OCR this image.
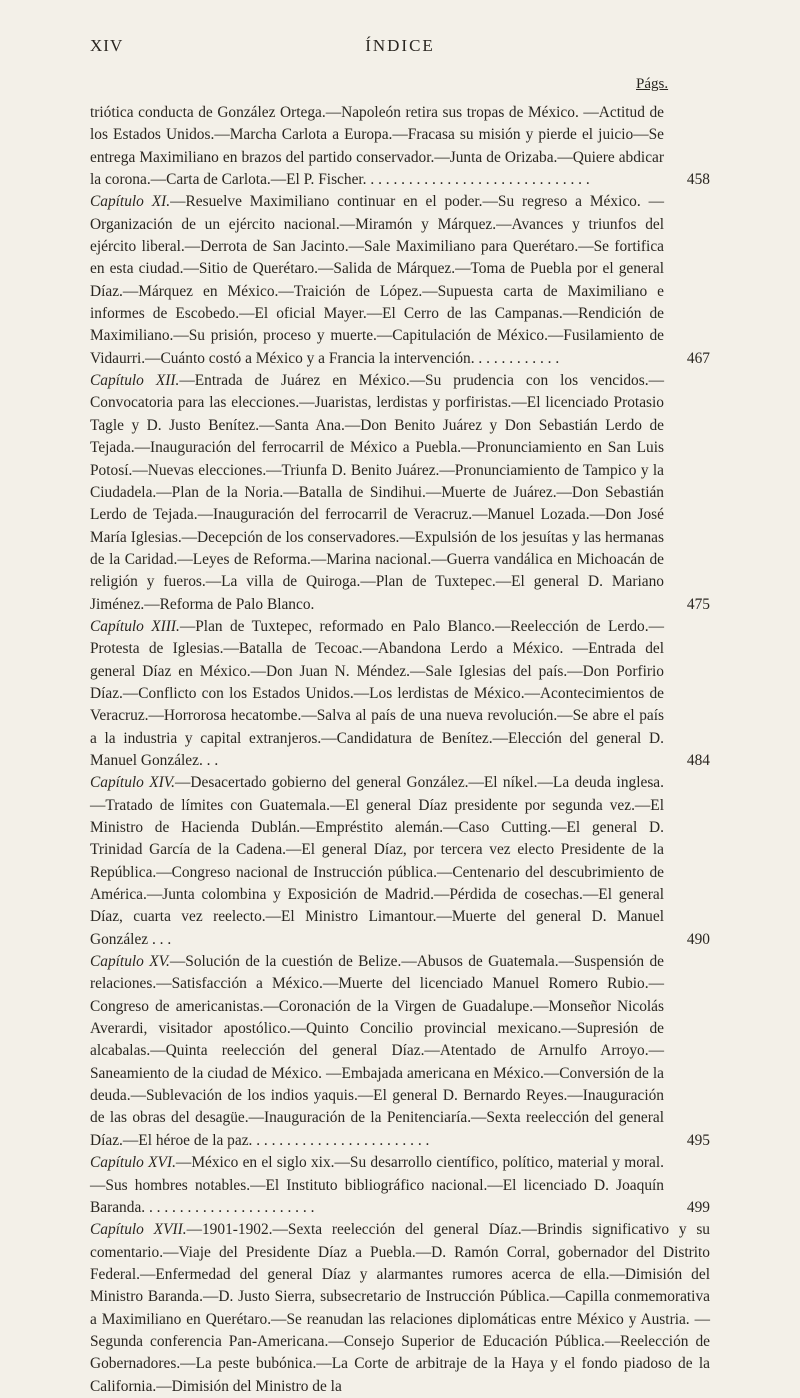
XIV	ÍNDICE
Págs.
triótica conducta de González Ortega.—Napoleón retira sus tropas de México. —Actitud de los Estados Unidos.—Marcha Carlota a Europa.—Fracasa su misión y pierde el juicio—Se entrega Maximiliano en brazos del partido conservador.—Junta de Orizaba.—Quiere abdicar la corona.—Carta de Carlota.—El P. Fischer. . . . . . . . . . . . . . . . . . . . . . . . . . . . . .	458
Capítulo XI.—Resuelve Maximiliano continuar en el poder.—Su regreso a México. —Organización de un ejército nacional.—Miramón y Márquez.—Avances y triunfos del ejército liberal.—Derrota de San Jacinto.—Sale Maximiliano para Querétaro.—Se fortifica en esta ciudad.—Sitio de Querétaro.—Salida de Márquez.—Toma de Puebla por el general Díaz.—Márquez en México.—Traición de López.—Supuesta carta de Maximiliano e informes de Escobedo.—El oficial Mayer.—El Cerro de las Campanas.—Rendición de Maximiliano.—Su prisión, proceso y muerte.—Capitulación de México.—Fusilamiento de Vidaurri.—Cuánto costó a México y a Francia la intervención. . . . . . . . . . . .	467
Capítulo XII.—Entrada de Juárez en México.—Su prudencia con los vencidos.—Convocatoria para las elecciones.—Juaristas, lerdistas y porfiristas.—El licenciado Protasio Tagle y D. Justo Benítez.—Santa Ana.—Don Benito Juárez y Don Sebastián Lerdo de Tejada.—Inauguración del ferrocarril de México a Puebla.—Pronunciamiento en San Luis Potosí.—Nuevas elecciones.—Triunfa D. Benito Juárez.—Pronunciamiento de Tampico y la Ciudadela.—Plan de la Noria.—Batalla de Sindihui.—Muerte de Juárez.—Don Sebastián Lerdo de Tejada.—Inauguración del ferrocarril de Veracruz.—Manuel Lozada.—Don José María Iglesias.—Decepción de los conservadores.—Expulsión de los jesuítas y las hermanas de la Caridad.—Leyes de Reforma.—Marina nacional.—Guerra vandálica en Michoacán de religión y fueros.—La villa de Quiroga.—Plan de Tuxtepec.—El general D. Mariano Jiménez.—Reforma de Palo Blanco.	475
Capítulo XIII.—Plan de Tuxtepec, reformado en Palo Blanco.—Reelección de Lerdo.—Protesta de Iglesias.—Batalla de Tecoac.—Abandona Lerdo a México. —Entrada del general Díaz en México.—Don Juan N. Méndez.—Sale Iglesias del país.—Don Porfirio Díaz.—Conflicto con los Estados Unidos.—Los lerdistas de México.—Acontecimientos de Veracruz.—Horrorosa hecatombe.—Salva al país de una nueva revolución.—Se abre el país a la industria y capital extranjeros.—Candidatura de Benítez.—Elección del general D. Manuel González. . .	484
Capítulo XIV.—Desacertado gobierno del general González.—El níkel.—La deuda inglesa.—Tratado de límites con Guatemala.—El general Díaz presidente por segunda vez.—El Ministro de Hacienda Dublán.—Empréstito alemán.—Caso Cutting.—El general D. Trinidad García de la Cadena.—El general Díaz, por tercera vez electo Presidente de la República.—Congreso nacional de Instrucción pública.—Centenario del descubrimiento de América.—Junta colombina y Exposición de Madrid.—Pérdida de cosechas.—El general Díaz, cuarta vez reelecto.—El Ministro Limantour.—Muerte del general D. Manuel González . . .	490
Capítulo XV.—Solución de la cuestión de Belize.—Abusos de Guatemala.—Suspensión de relaciones.—Satisfacción a México.—Muerte del licenciado Manuel Romero Rubio.—Congreso de americanistas.—Coronación de la Virgen de Guadalupe.—Monseñor Nicolás Averardi, visitador apostólico.—Quinto Concilio provincial mexicano.—Supresión de alcabalas.—Quinta reelección del general Díaz.—Atentado de Arnulfo Arroyo.—Saneamiento de la ciudad de México. —Embajada americana en México.—Conversión de la deuda.—Sublevación de los indios yaquis.—El general D. Bernardo Reyes.—Inauguración de las obras del desagüe.—Inauguración de la Penitenciaría.—Sexta reelección del general Díaz.—El héroe de la paz. . . . . . . . . . . . . . . . . . . . . . . .	495
Capítulo XVI.—México en el siglo xix.—Su desarrollo científico, político, material y moral.—Sus hombres notables.—El Instituto bibliográfico nacional.—El licenciado D. Joaquín Baranda. . . . . . . . . . . . . . . . . . . . . . .	499
Capítulo XVII.—1901-1902.—Sexta reelección del general Díaz.—Brindis significativo y su comentario.—Viaje del Presidente Díaz a Puebla.—D. Ramón Corral, gobernador del Distrito Federal.—Enfermedad del general Díaz y alarmantes rumores acerca de ella.—Dimisión del Ministro Baranda.—D. Justo Sierra, subsecretario de Instrucción Pública.—Capilla conmemorativa a Maximiliano en Querétaro.—Se reanudan las relaciones diplomáticas entre México y Austria. —Segunda conferencia Pan-Americana.—Consejo Superior de Educación Pública.—Reelección de Gobernadores.—La peste bubónica.—La Corte de arbitraje de la Haya y el fondo piadoso de la California.—Dimisión del Ministro de la
